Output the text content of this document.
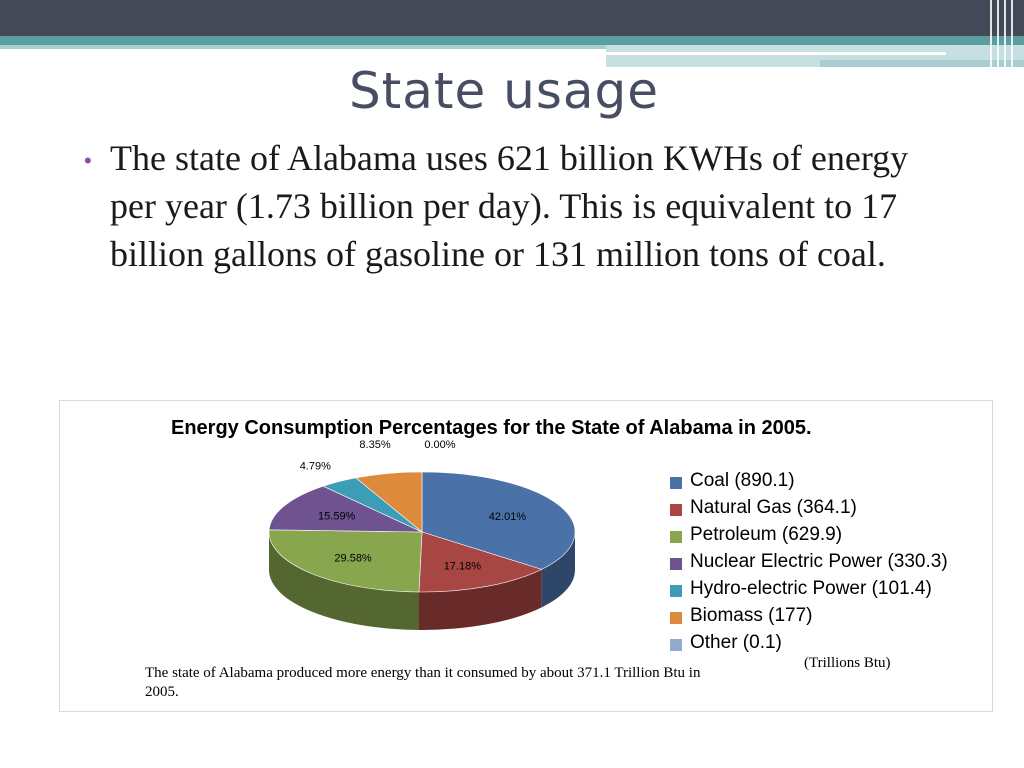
State usage
• The state of Alabama uses 621 billion KWHs of energy per year (1.73 billion per day). This is equivalent to 17 billion gallons of gasoline or 131 million tons of coal.

Energy Consumption Percentages for the State of Alabama in 2005.
42.01%
17.18%
29.58%
15.59%
4.79%
8.35%	0.00%
Coal (890.1)
Natural Gas (364.1)
Petroleum (629.9)
Nuclear Electric Power (330.3)
Hydro-electric Power (101.4)
Biomass (177)
Other (0.1)
(Trillions Btu)
The state of Alabama produced more energy than it consumed by about 371.1 Trillion Btu in 2005.
